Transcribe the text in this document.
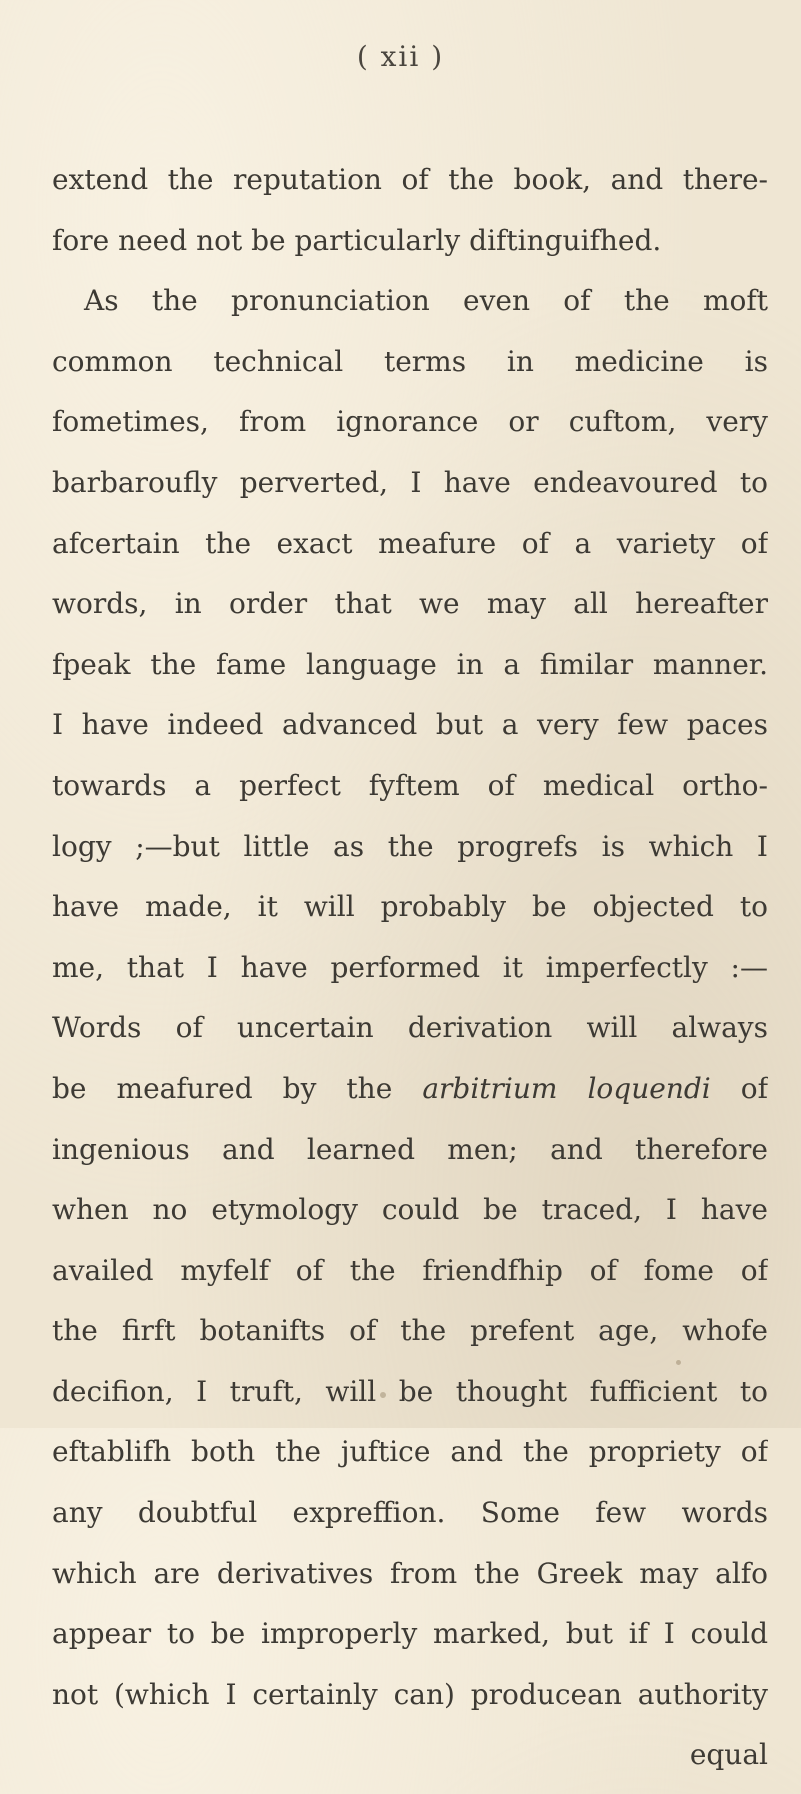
( xii )
extend the reputation of the book, and there-
fore need not be particularly diftinguifhed.
As the pronunciation even of the moft
common technical terms in medicine is
fometimes, from ignorance or cuftom, very
barbaroufly perverted, I have endeavoured to
afcertain the exact meafure of a variety of
words, in order that we may all hereafter
fpeak the fame language in a fimilar manner.
I have indeed advanced but a very few paces
towards a perfect fyftem of medical ortho-
logy ;—but little as the progrefs is which I
have made, it will probably be objected to
me, that I have performed it imperfectly :—
Words of uncertain derivation will always
be meafured by the arbitrium loquendi of
ingenious and learned men; and therefore
when no etymology could be traced, I have
availed myfelf of the friendfhip of fome of
the firft botanifts of the prefent age, whofe
decifion, I truft, will be thought fufficient to
eftablifh both the juftice and the propriety of
any doubtful expreffion. Some few words
which are derivatives from the Greek may alfo
appear to be improperly marked, but if I could
not (which I certainly can) producean authority
equal
